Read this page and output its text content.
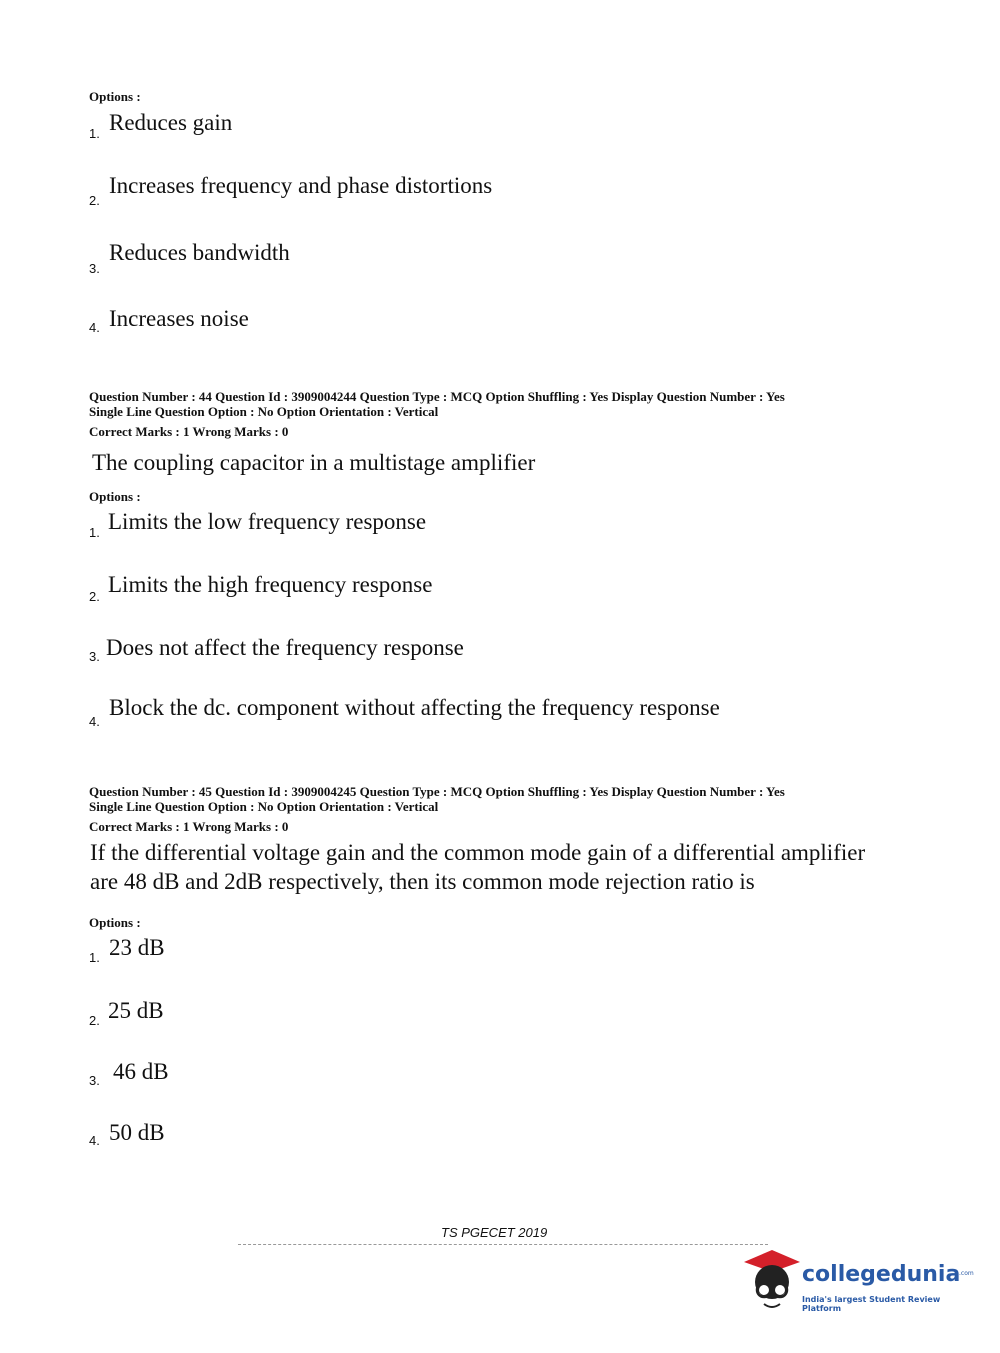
Options :
1. Reduces gain
2.
Increases frequency and phase distortions
3.
Reduces bandwidth
4. Increases noise
Question Number : 44 Question Id : 3909004244 Question Type : MCQ Option Shuffling : Yes Display Question Number : Yes
Single Line Question Option : No Option Orientation : Vertical
Correct Marks : 1 Wrong Marks : 0
The coupling capacitor in a multistage amplifier
Options :
1. Limits the low frequency response
2. Limits the high frequency response
3. Does not affect the frequency response
4.
Block the dc. component without affecting the frequency response
Question Number : 45 Question Id : 3909004245 Question Type : MCQ Option Shuffling : Yes Display Question Number : Yes
Single Line Question Option : No Option Orientation : Vertical
Correct Marks : 1 Wrong Marks : 0
If the differential voltage gain and the common mode gain of a differential amplifier
are 48 dB and 2dB respectively, then its common mode rejection ratio is
Options :
1. 23 dB
2. 25 dB
3. 46 dB
4. 50 dB
TS PGECET 2019
collegedunia
.com
India's largest Student Review Platform
